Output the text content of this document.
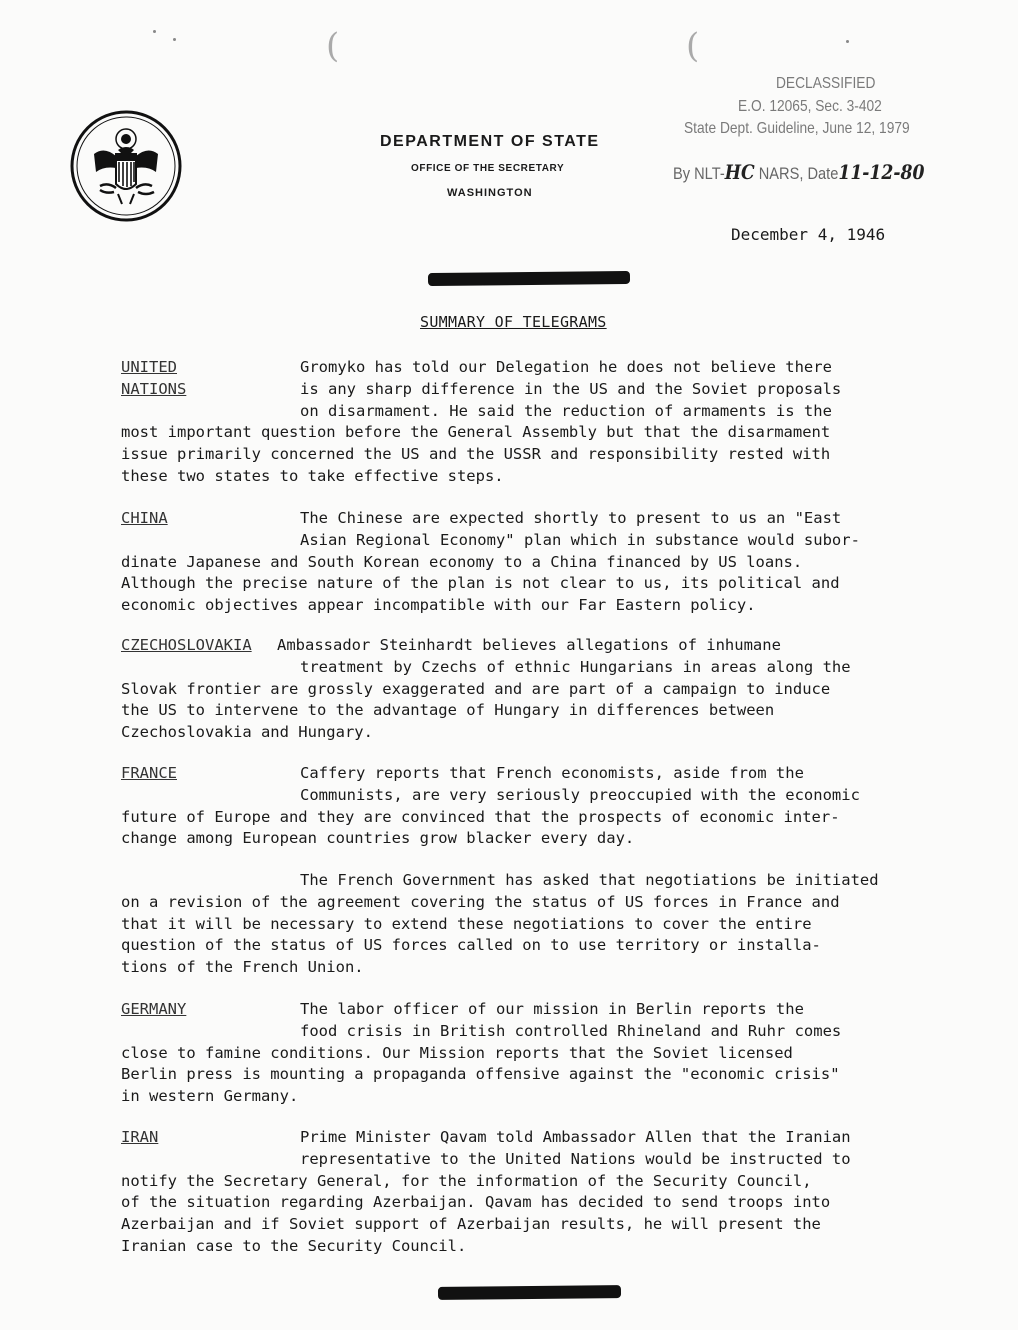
DEPARTMENT OF STATE
OFFICE OF THE SECRETARY
WASHINGTON
(	(
DECLASSIFIED
E.O. 12065, Sec. 3-402
State Dept. Guideline, June 12, 1979
By NLT-HC NARS, Date11-12-80
December 4, 1946
SUMMARY OF TELEGRAMS
UNITED
NATIONS
Gromyko has told our Delegation he does not believe there
is any sharp difference in the US and the Soviet proposals
on disarmament. He said the reduction of armaments is the
most important question before the General Assembly but that the disarmament
issue primarily concerned the US and the USSR and responsibility rested with
these two states to take effective steps.
CHINA	The Chinese are expected shortly to present to us an "East
Asian Regional Economy" plan which in substance would subor-
dinate Japanese and South Korean economy to a China financed by US loans.
Although the precise nature of the plan is not clear to us, its political and
economic objectives appear incompatible with our Far Eastern policy.
CZECHOSLOVAKIA Ambassador Steinhardt believes allegations of inhumane
treatment by Czechs of ethnic Hungarians in areas along the
Slovak frontier are grossly exaggerated and are part of a campaign to induce
the US to intervene to the advantage of Hungary in differences between
Czechoslovakia and Hungary.
FRANCE	Caffery reports that French economists, aside from the
Communists, are very seriously preoccupied with the economic
future of Europe and they are convinced that the prospects of economic inter-
change among European countries grow blacker every day.
The French Government has asked that negotiations be initiated
on a revision of the agreement covering the status of US forces in France and
that it will be necessary to extend these negotiations to cover the entire
question of the status of US forces called on to use territory or installa-
tions of the French Union.
GERMANY	The labor officer of our mission in Berlin reports the
food crisis in British controlled Rhineland and Ruhr comes
close to famine conditions. Our Mission reports that the Soviet licensed
Berlin press is mounting a propaganda offensive against the "economic crisis"
in western Germany.
IRAN	Prime Minister Qavam told Ambassador Allen that the Iranian
representative to the United Nations would be instructed to
notify the Secretary General, for the information of the Security Council,
of the situation regarding Azerbaijan. Qavam has decided to send troops into
Azerbaijan and if Soviet support of Azerbaijan results, he will present the
Iranian case to the Security Council.
